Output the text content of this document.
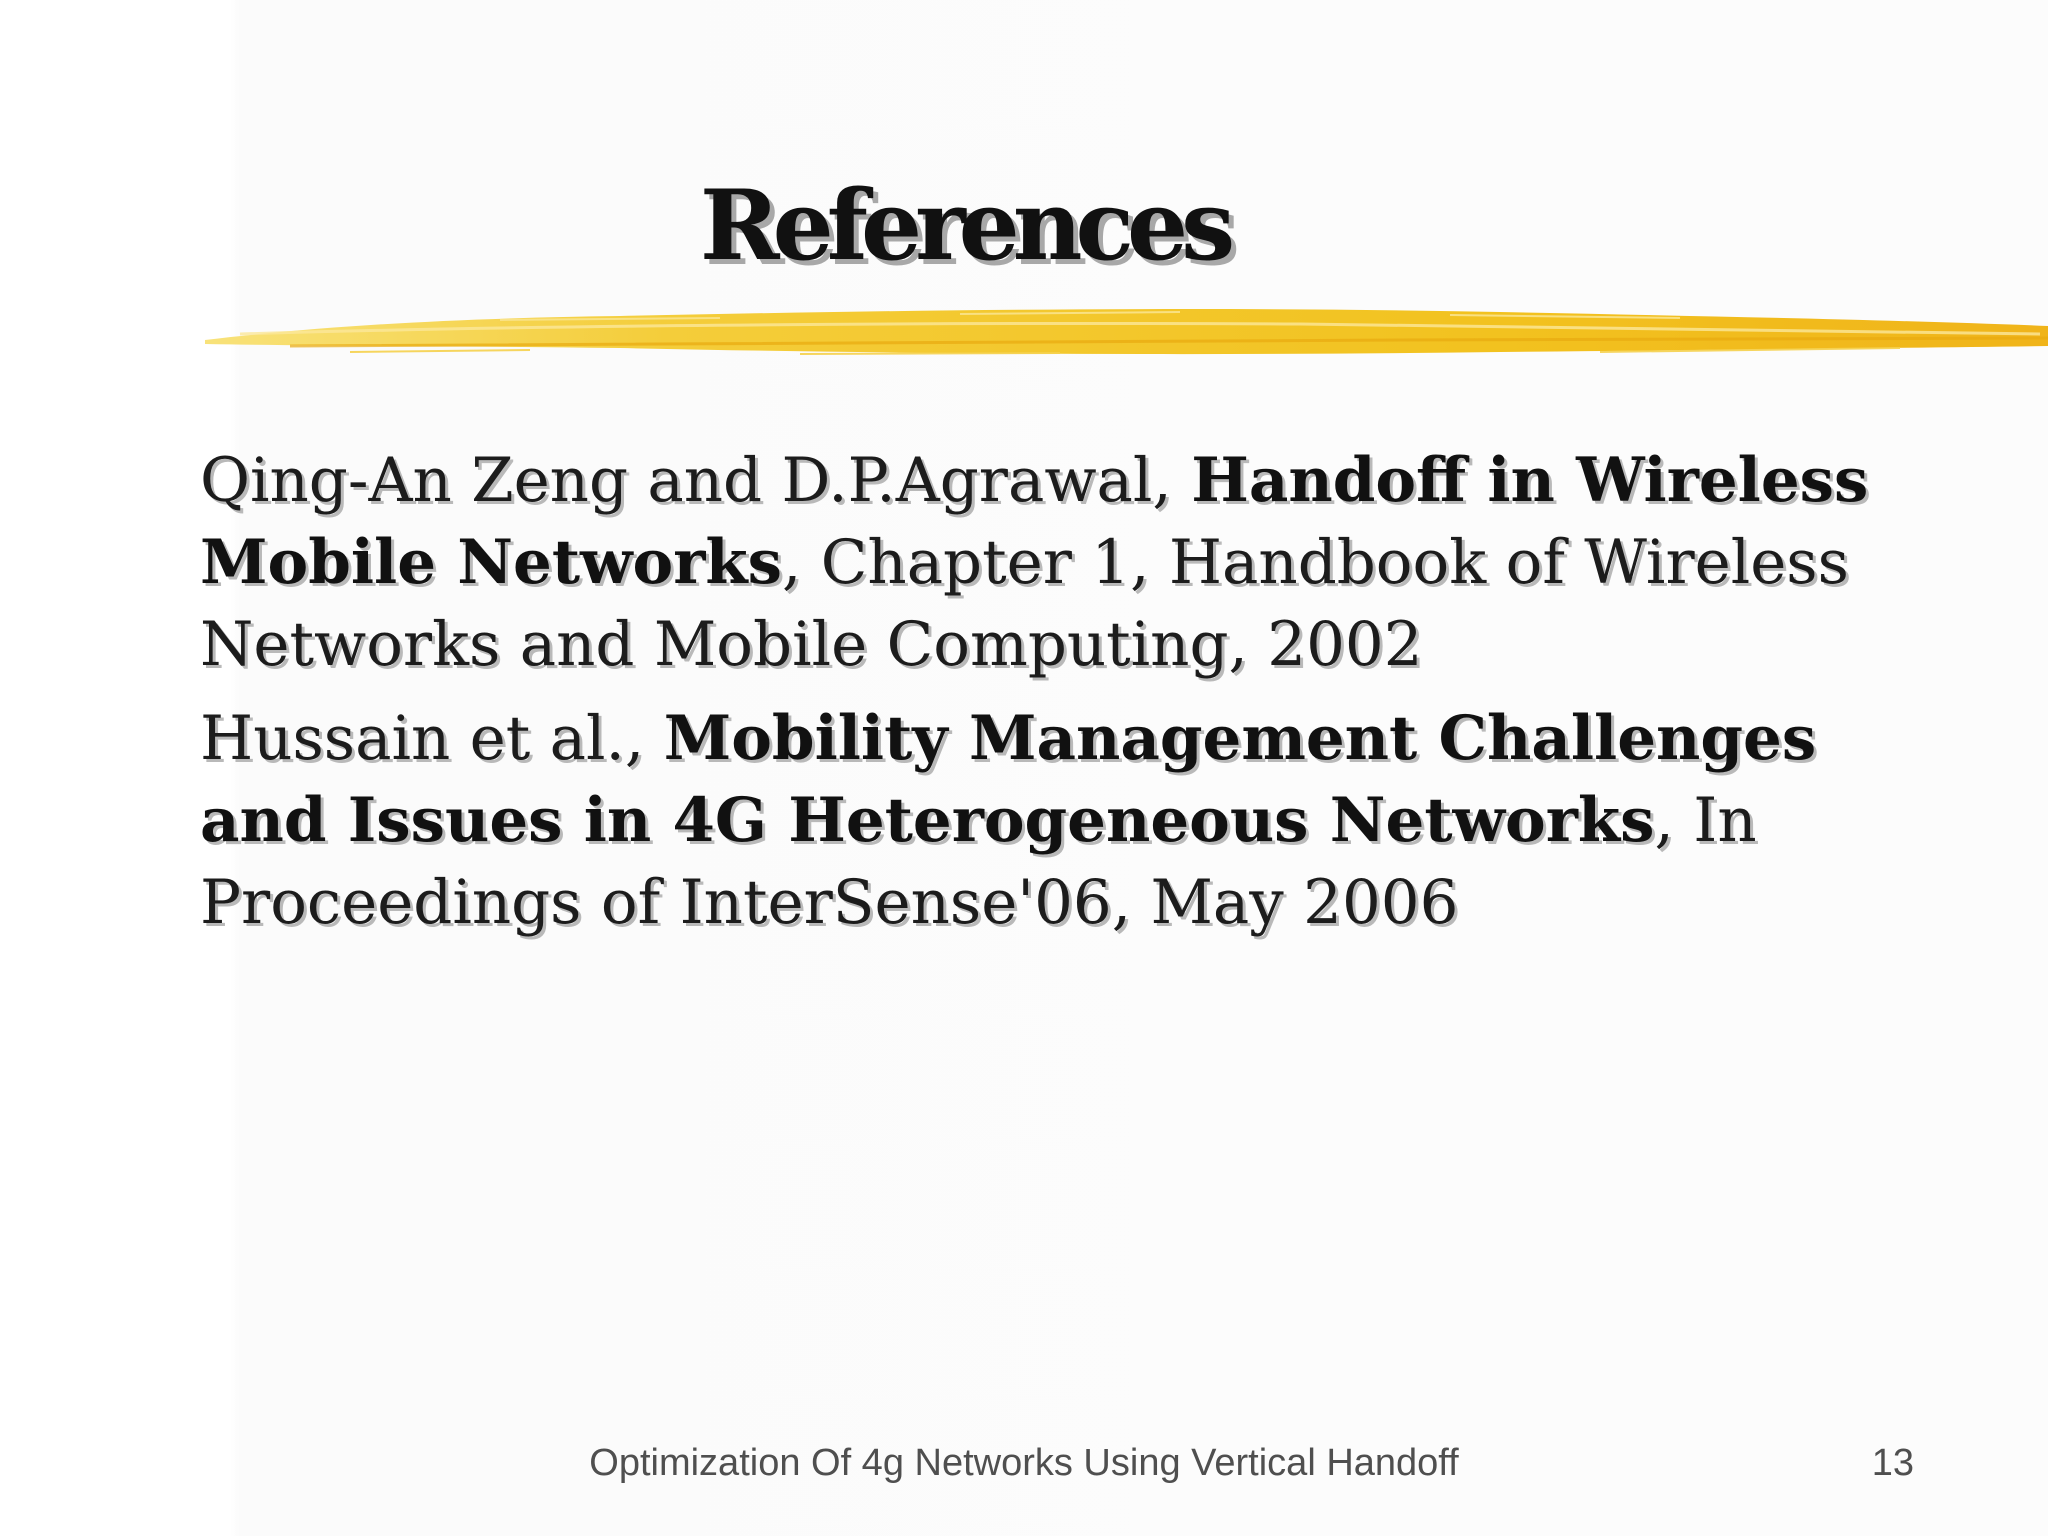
References

Qing-An Zeng and D.P.Agrawal, Handoff in Wireless Mobile Networks, Chapter 1, Handbook of Wireless Networks and Mobile Computing, 2002

Hussain et al., Mobility Management Challenges and Issues in 4G Heterogeneous Networks, In Proceedings of InterSense'06, May 2006

Optimization Of 4g Networks Using Vertical Handoff	13
